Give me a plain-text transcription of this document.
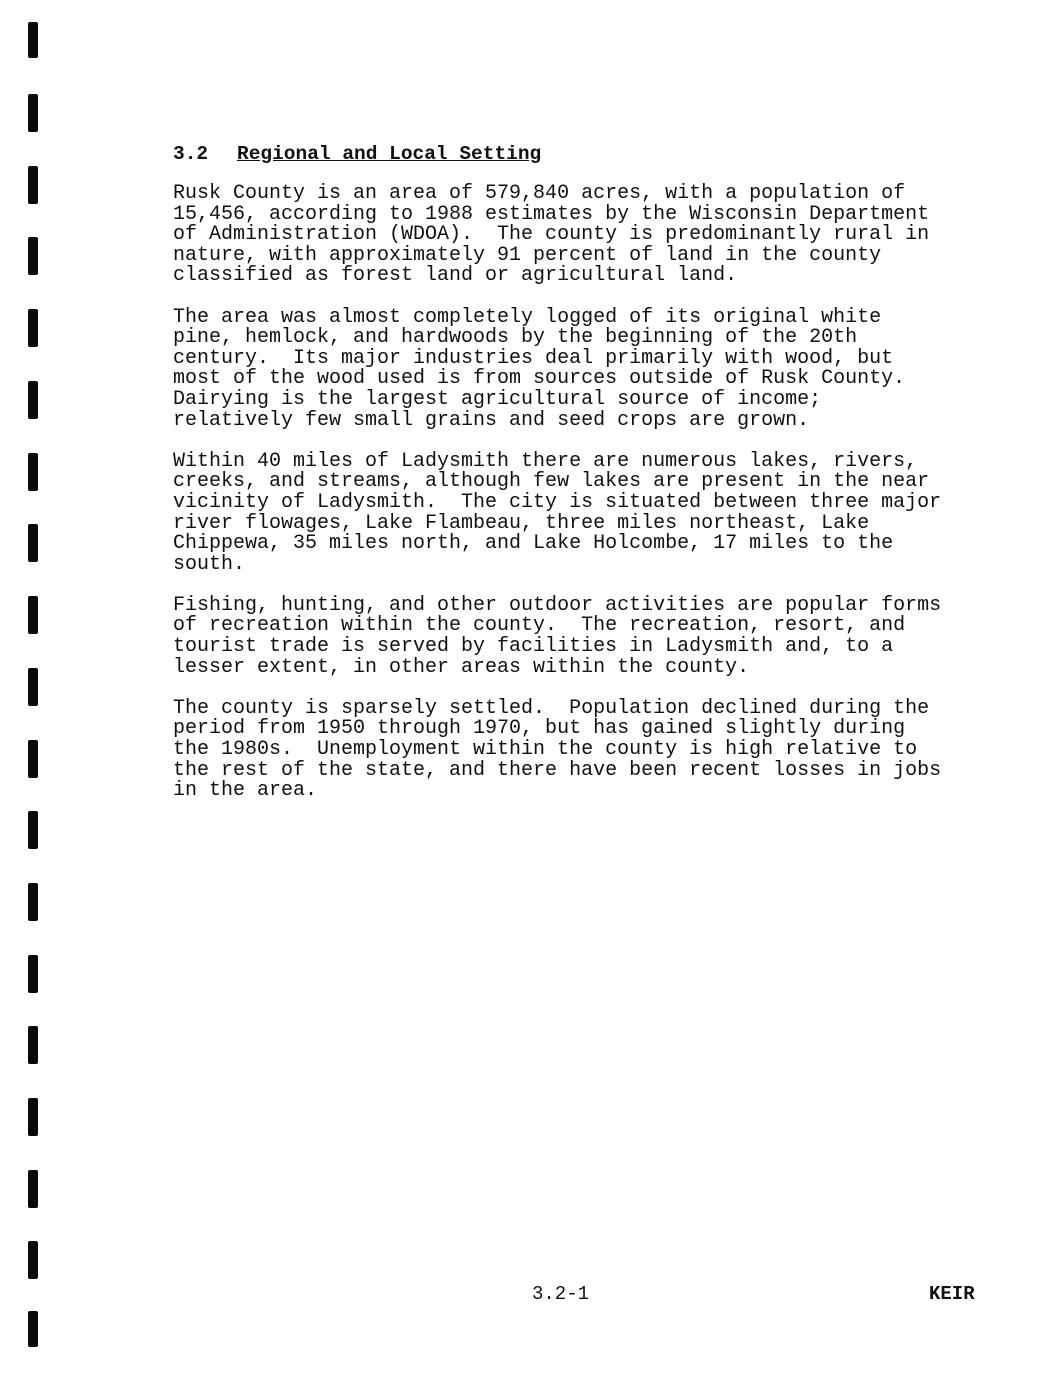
3.2 Regional and Local Setting
Rusk County is an area of 579,840 acres, with a population of
15,456, according to 1988 estimates by the Wisconsin Department
of Administration (WDOA).  The county is predominantly rural in
nature, with approximately 91 percent of land in the county
classified as forest land or agricultural land.
The area was almost completely logged of its original white
pine, hemlock, and hardwoods by the beginning of the 20th
century.  Its major industries deal primarily with wood, but
most of the wood used is from sources outside of Rusk County.
Dairying is the largest agricultural source of income;
relatively few small grains and seed crops are grown.
Within 40 miles of Ladysmith there are numerous lakes, rivers,
creeks, and streams, although few lakes are present in the near
vicinity of Ladysmith.  The city is situated between three major
river flowages, Lake Flambeau, three miles northeast, Lake
Chippewa, 35 miles north, and Lake Holcombe, 17 miles to the
south.
Fishing, hunting, and other outdoor activities are popular forms
of recreation within the county.  The recreation, resort, and
tourist trade is served by facilities in Ladysmith and, to a
lesser extent, in other areas within the county.
The county is sparsely settled.  Population declined during the
period from 1950 through 1970, but has gained slightly during
the 1980s.  Unemployment within the county is high relative to
the rest of the state, and there have been recent losses in jobs
in the area.
3.2-1	KEIR
